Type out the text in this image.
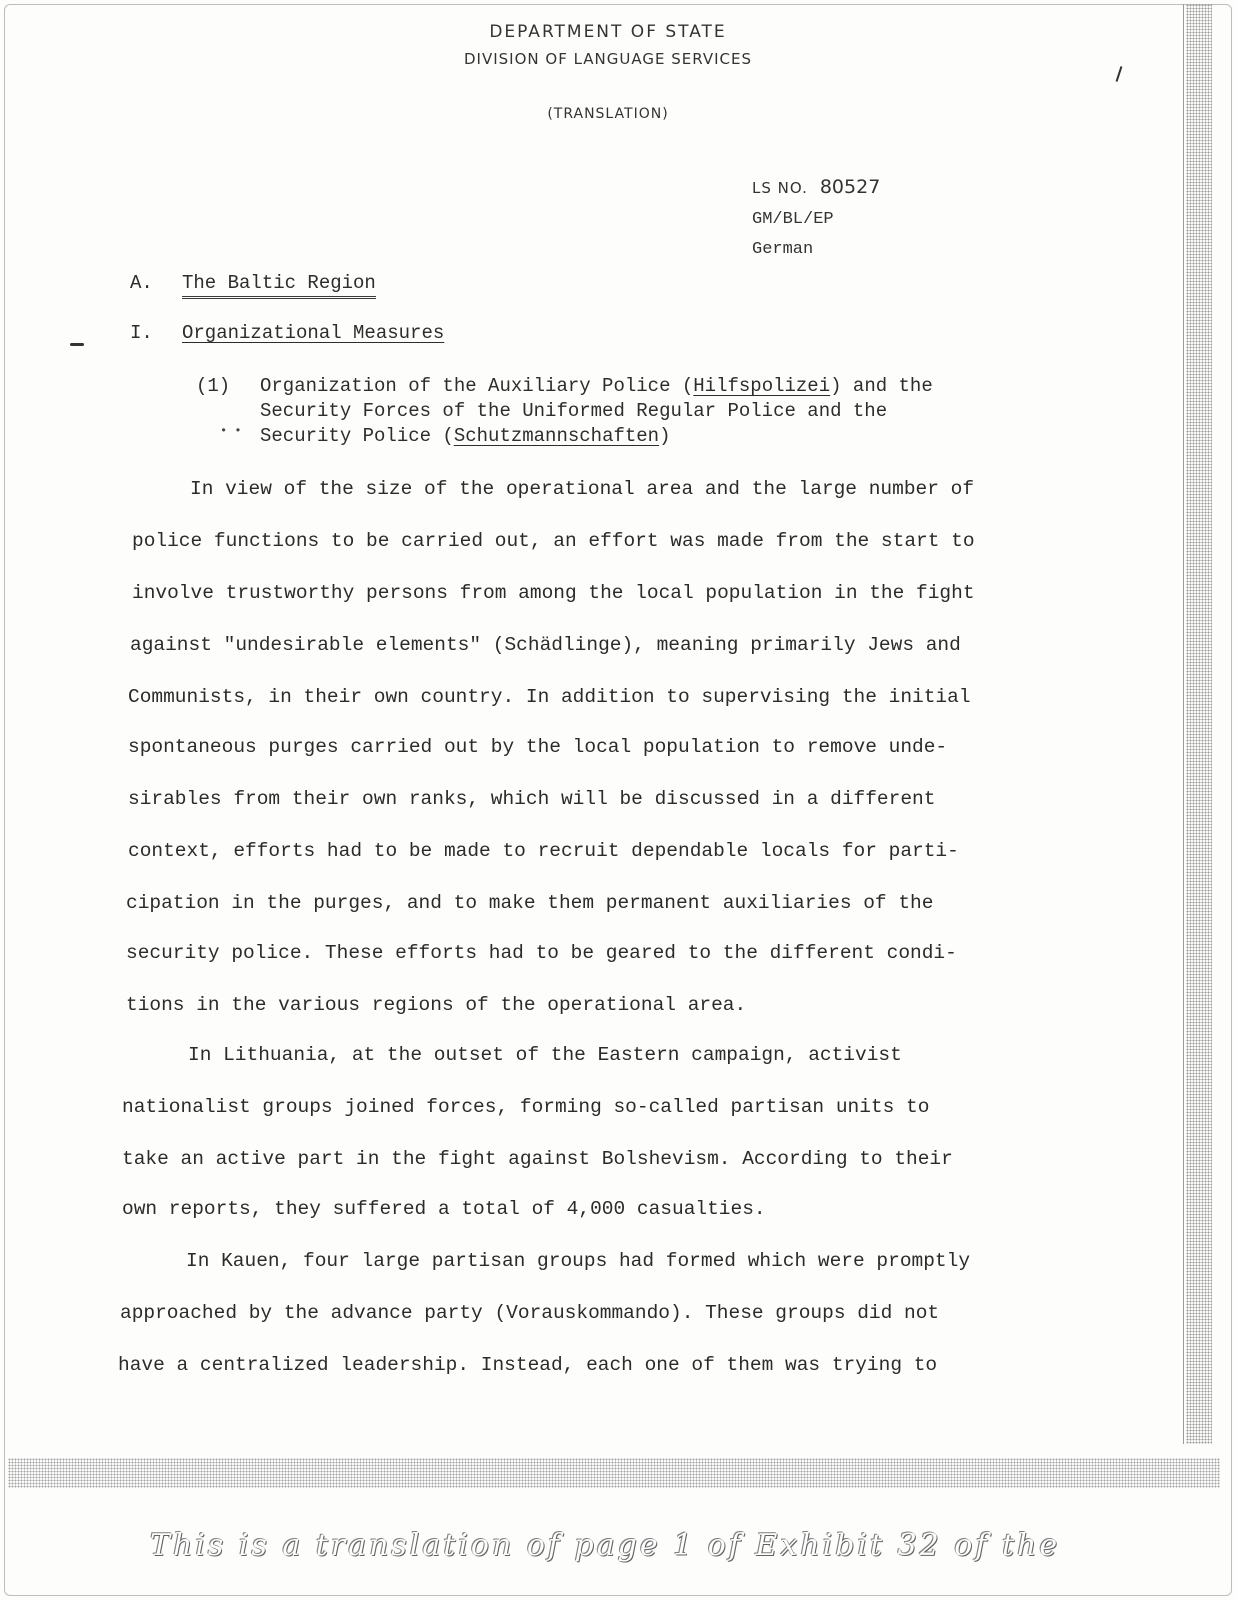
DEPARTMENT OF STATE
DIVISION OF LANGUAGE SERVICES
(TRANSLATION)
LS NO. 80527
GM/BL/EP
German
A. The Baltic Region
I. Organizational Measures
(1) Organization of the Auxiliary Police (Hilfspolizei) and the
Security Forces of the Uniformed Regular Police and the
Security Police (Schutzmannschaften)
• •
In view of the size of the operational area and the large number of
police functions to be carried out, an effort was made from the start to
involve trustworthy persons from among the local population in the fight
against "undesirable elements" (Schädlinge), meaning primarily Jews and
Communists, in their own country. In addition to supervising the initial
spontaneous purges carried out by the local population to remove unde-
sirables from their own ranks, which will be discussed in a different
context, efforts had to be made to recruit dependable locals for parti-
cipation in the purges, and to make them permanent auxiliaries of the
security police. These efforts had to be geared to the different condi-
tions in the various regions of the operational area.
In Lithuania, at the outset of the Eastern campaign, activist
nationalist groups joined forces, forming so-called partisan units to
take an active part in the fight against Bolshevism. According to their
own reports, they suffered a total of 4,000 casualties.
In Kauen, four large partisan groups had formed which were promptly
approached by the advance party (Vorauskommando). These groups did not
have a centralized leadership. Instead, each one of them was trying to
This is a translation of page 1 of Exhibit 32 of the
